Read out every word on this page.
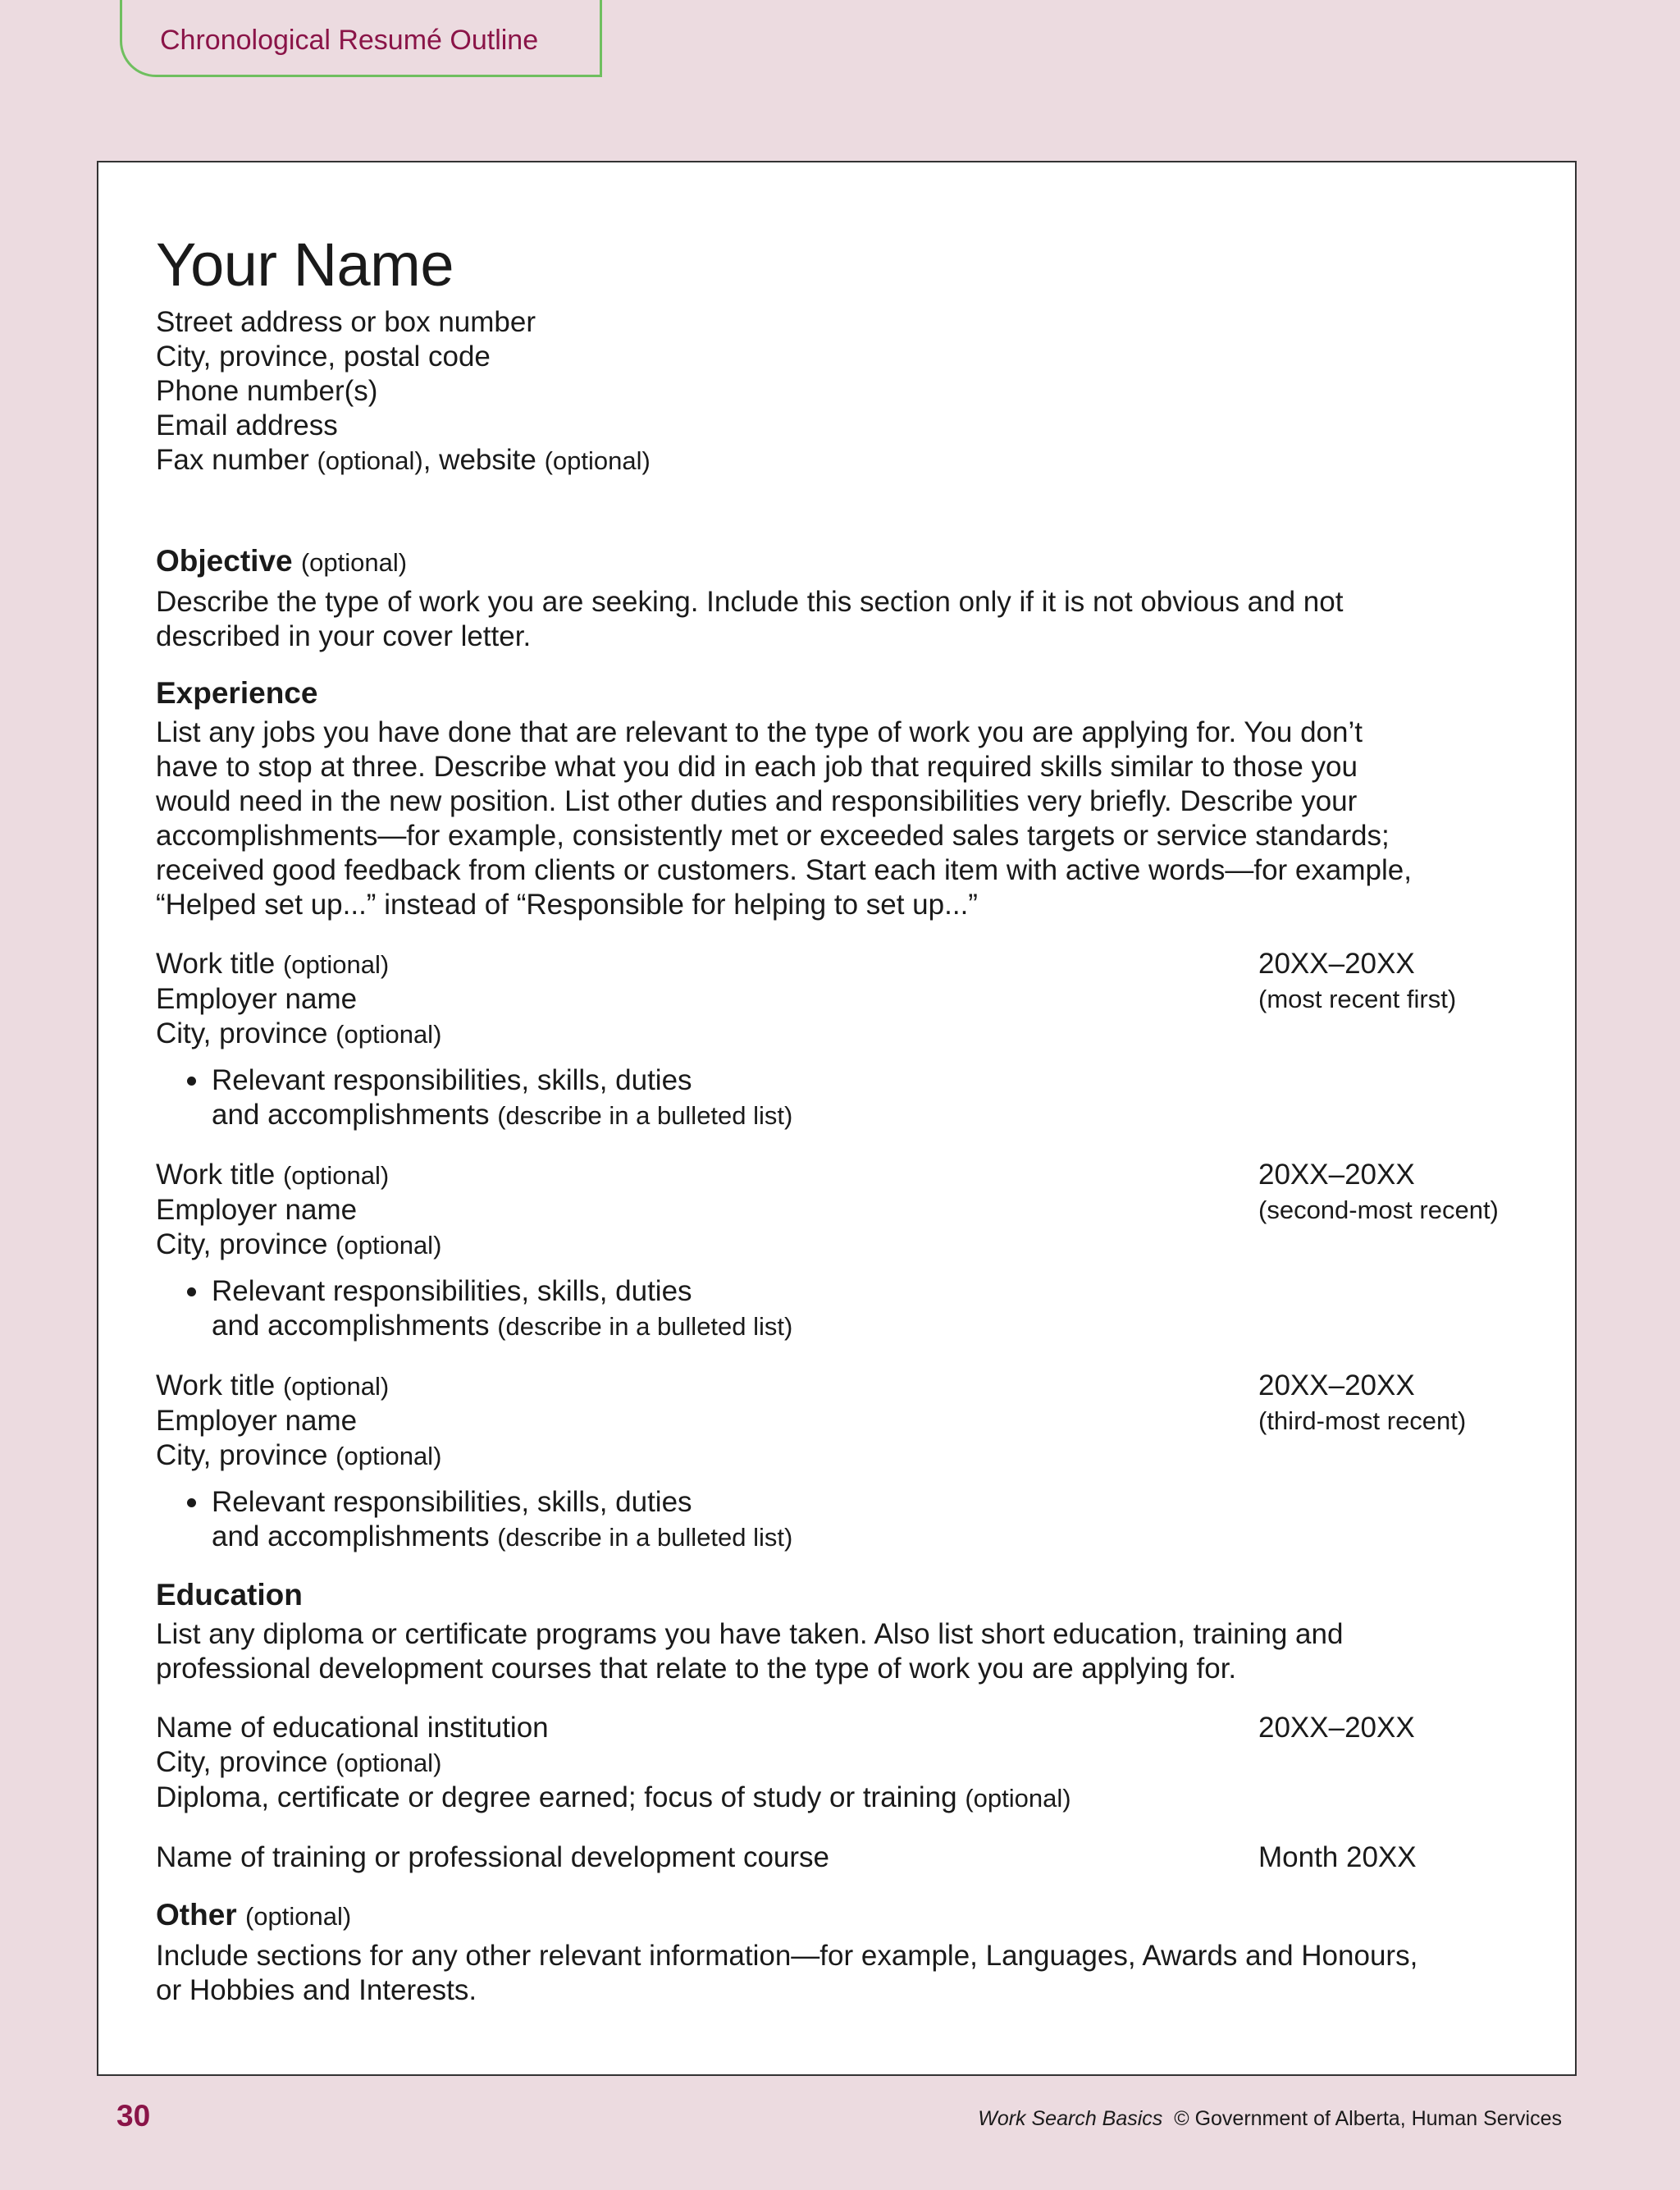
Chronological Resumé Outline
Your Name
Street address or box number
City, province, postal code
Phone number(s)
Email address
Fax number (optional), website (optional)
Objective (optional)
Describe the type of work you are seeking. Include this section only if it is not obvious and not described in your cover letter.
Experience
List any jobs you have done that are relevant to the type of work you are applying for. You don’t
have to stop at three. Describe what you did in each job that required skills similar to those you
would need in the new position. List other duties and responsibilities very briefly. Describe your
accomplishments—for example, consistently met or exceeded sales targets or service standards;
received good feedback from clients or customers. Start each item with active words—for example,
“Helped set up...” instead of “Responsible for helping to set up...”
Work title (optional)	20XX–20XX
Employer name	(most recent first)
City, province (optional)
Relevant responsibilities, skills, duties
and accomplishments (describe in a bulleted list)
Work title (optional)	20XX–20XX
Employer name	(second-most recent)
City, province (optional)
Relevant responsibilities, skills, duties
and accomplishments (describe in a bulleted list)
Work title (optional)	20XX–20XX
Employer name	(third-most recent)
City, province (optional)
Relevant responsibilities, skills, duties
and accomplishments (describe in a bulleted list)
Education
List any diploma or certificate programs you have taken. Also list short education, training and
professional development courses that relate to the type of work you are applying for.
Name of educational institution	20XX–20XX
City, province (optional)
Diploma, certificate or degree earned; focus of study or training (optional)
Name of training or professional development course	Month 20XX
Other (optional)
Include sections for any other relevant information—for example, Languages, Awards and Honours,
or Hobbies and Interests.
30	Work Search Basics © Government of Alberta, Human Services
